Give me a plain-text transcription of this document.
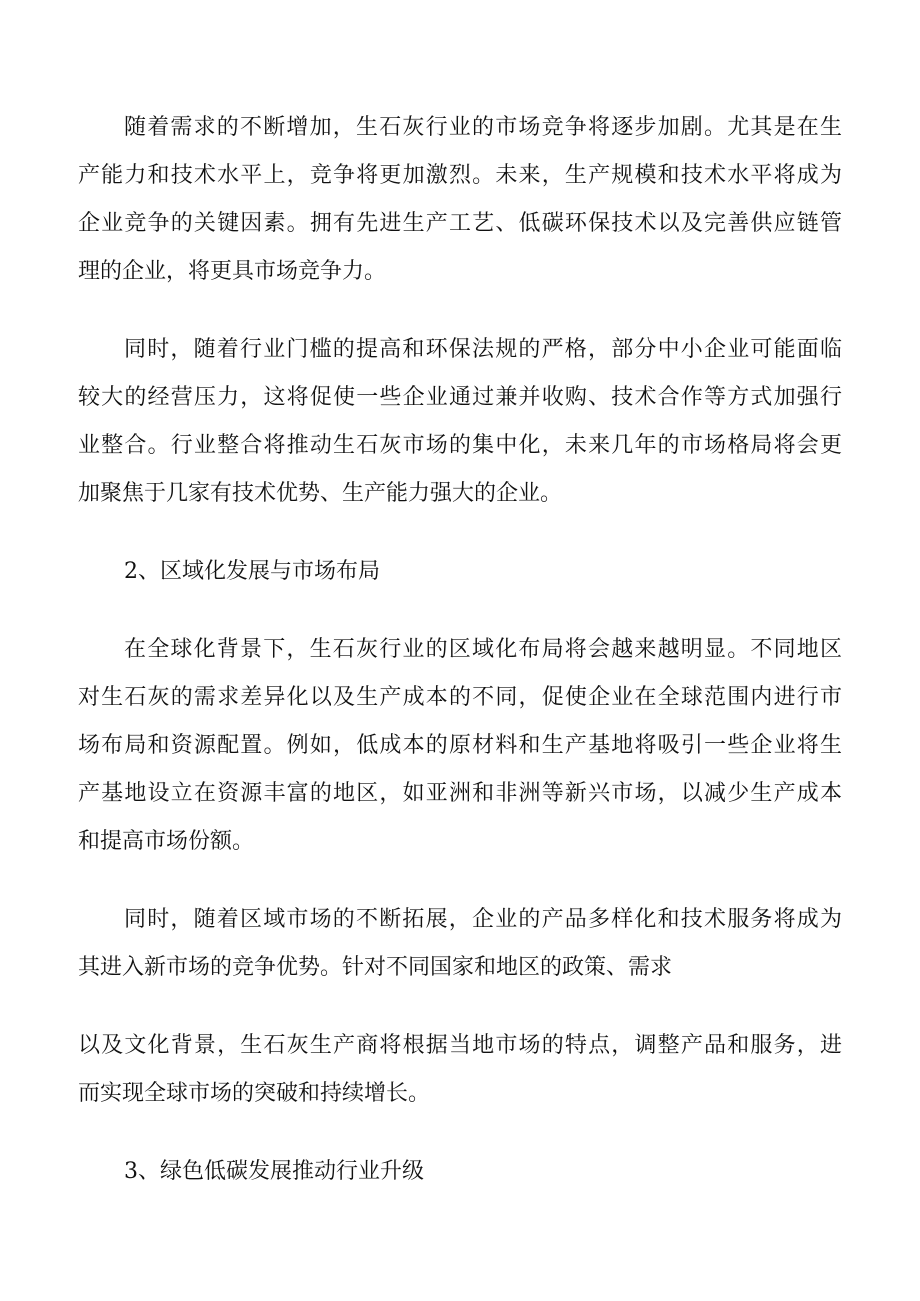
随着需求的不断增加，生石灰行业的市场竞争将逐步加剧。尤其是在生
产能力和技术水平上，竞争将更加激烈。未来，生产规模和技术水平将成为
企业竞争的关键因素。拥有先进生产工艺、低碳环保技术以及完善供应链管
理的企业，将更具市场竞争力。
同时，随着行业门槛的提高和环保法规的严格，部分中小企业可能面临
较大的经营压力，这将促使一些企业通过兼并收购、技术合作等方式加强行
业整合。行业整合将推动生石灰市场的集中化，未来几年的市场格局将会更
加聚焦于几家有技术优势、生产能力强大的企业。
2、区域化发展与市场布局
在全球化背景下，生石灰行业的区域化布局将会越来越明显。不同地区
对生石灰的需求差异化以及生产成本的不同，促使企业在全球范围内进行市
场布局和资源配置。例如，低成本的原材料和生产基地将吸引一些企业将生
产基地设立在资源丰富的地区，如亚洲和非洲等新兴市场，以减少生产成本
和提高市场份额。
同时，随着区域市场的不断拓展，企业的产品多样化和技术服务将成为
其进入新市场的竞争优势。针对不同国家和地区的政策、需求
以及文化背景，生石灰生产商将根据当地市场的特点，调整产品和服务，进
而实现全球市场的突破和持续增长。
3、绿色低碳发展推动行业升级
